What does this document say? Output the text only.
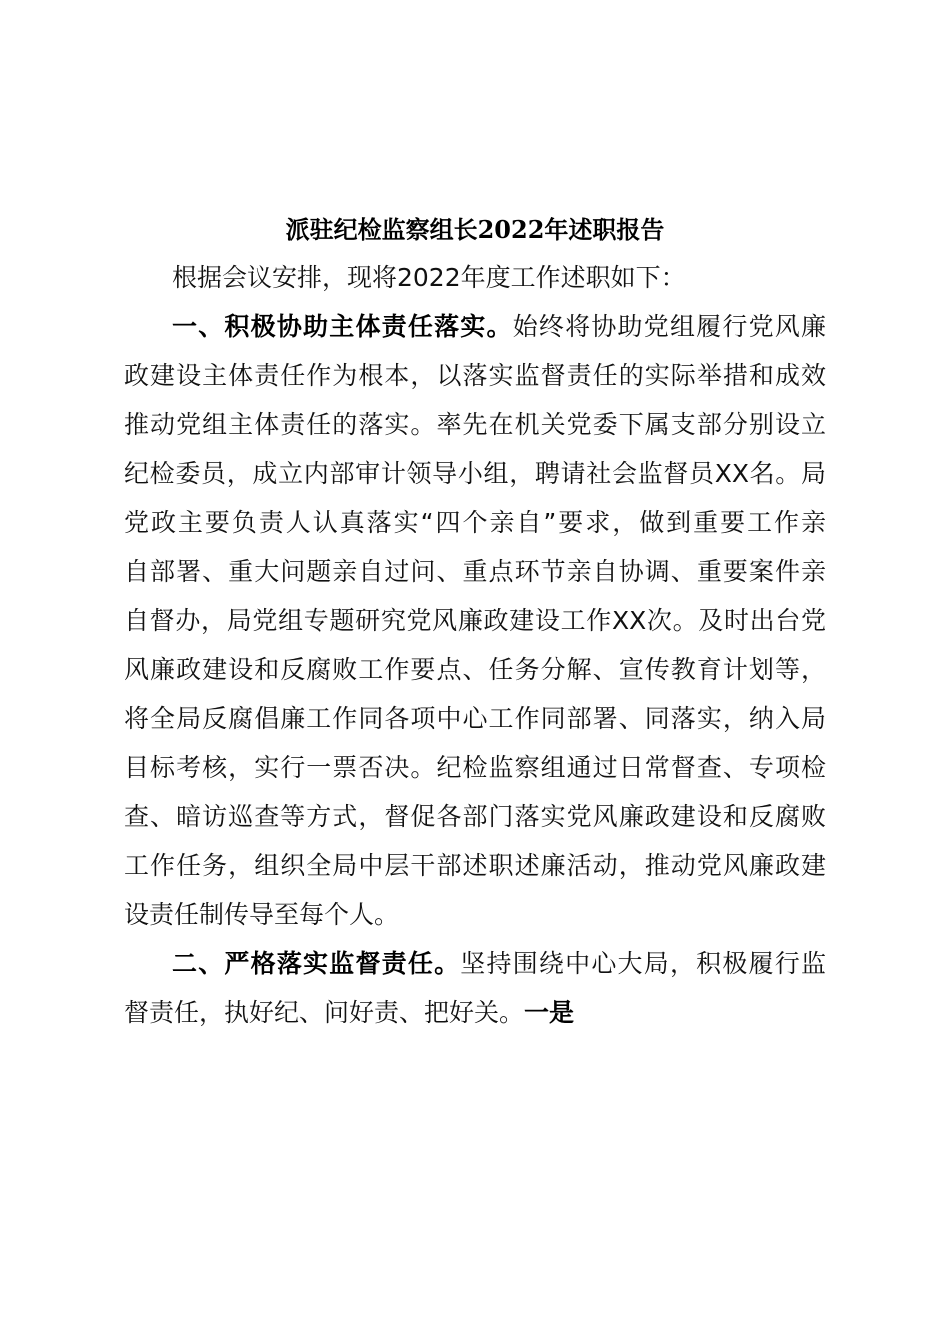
派驻纪检监察组长2022年述职报告
根据会议安排，现将2022年度工作述职如下：
一、积极协助主体责任落实。始终将协助党组履行党风廉
政建设主体责任作为根本，以落实监督责任的实际举措和成效
推动党组主体责任的落实。率先在机关党委下属支部分别设立
纪检委员，成立内部审计领导小组，聘请社会监督员XX名。局
党政主要负责人认真落实“四个亲自”要求，做到重要工作亲
自部署、重大问题亲自过问、重点环节亲自协调、重要案件亲
自督办，局党组专题研究党风廉政建设工作XX次。及时出台党
风廉政建设和反腐败工作要点、任务分解、宣传教育计划等，
将全局反腐倡廉工作同各项中心工作同部署、同落实，纳入局
目标考核，实行一票否决。纪检监察组通过日常督查、专项检
查、暗访巡查等方式，督促各部门落实党风廉政建设和反腐败
工作任务，组织全局中层干部述职述廉活动，推动党风廉政建
设责任制传导至每个人。
二、严格落实监督责任。坚持围绕中心大局，积极履行监
督责任，执好纪、问好责、把好关。一是
